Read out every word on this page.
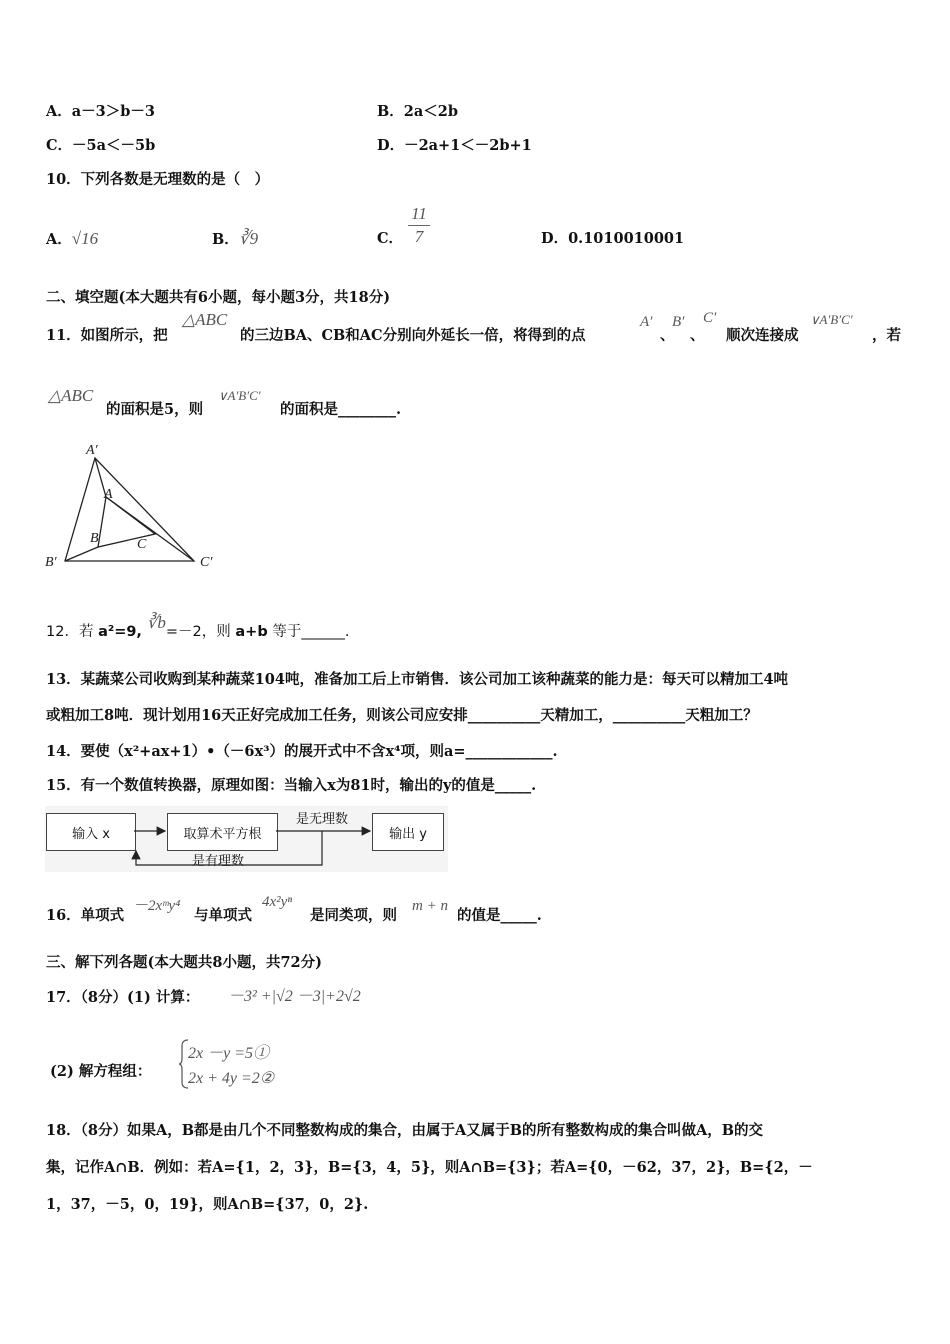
A．a－3＞b－3	B．2a＜2b
C．－5a＜－5b	D．－2a+1＜－2b+1
10．下列各数是无理数的是（　）
A．√16	B．∛9	C．
11
7	D．0.1010010001
二、填空题(本大题共有6小题，每小题3分，共18分)
11．如图所示，把
△ABC
的三边BA、CB和AC分别向外延长一倍，将得到的点
A′
、
B′
、
C′
顺次连接成
∨A′B′C′
，若
△ABC
的面积是5，则
∨A′B′C′
的面积是________.
A′
A
B	C
B′	C′
12．若 a²=9, ∛b=－2，则 a+b 等于______.
13．某蔬菜公司收购到某种蔬菜104吨，准备加工后上市销售．该公司加工该种蔬菜的能力是：每天可以精加工4吨
或粗加工8吨．现计划用16天正好完成加工任务，则该公司应安排__________天精加工，__________天粗加工？
14．要使（x²+ax+1）•（－6x³）的展开式中不含x⁴项，则a=____________.
15．有一个数值转换器，原理如图：当输入x为81时，输出的y的值是_____.
输入 x	取算术平方根	输出 y
是无理数
是有理数
16．单项式
－2xᵐy⁴
与单项式
4x²yⁿ
是同类项，则
m + n
的值是_____.
三、解下列各题(本大题共8小题，共72分)
17．（8分）(1) 计算： －3² +|√2 －3|+2√2
(2) 解方程组：
2x －y =5①
2x + 4y =2②
18．（8分）如果A，B都是由几个不同整数构成的集合，由属于A又属于B的所有整数构成的集合叫做A，B的交
集，记作A∩B．例如：若A={1，2，3}，B={3，4，5}，则A∩B={3}；若A={0，－62，37，2}，B={2，－
1，37，－5，0，19}，则A∩B={37，0，2}.
